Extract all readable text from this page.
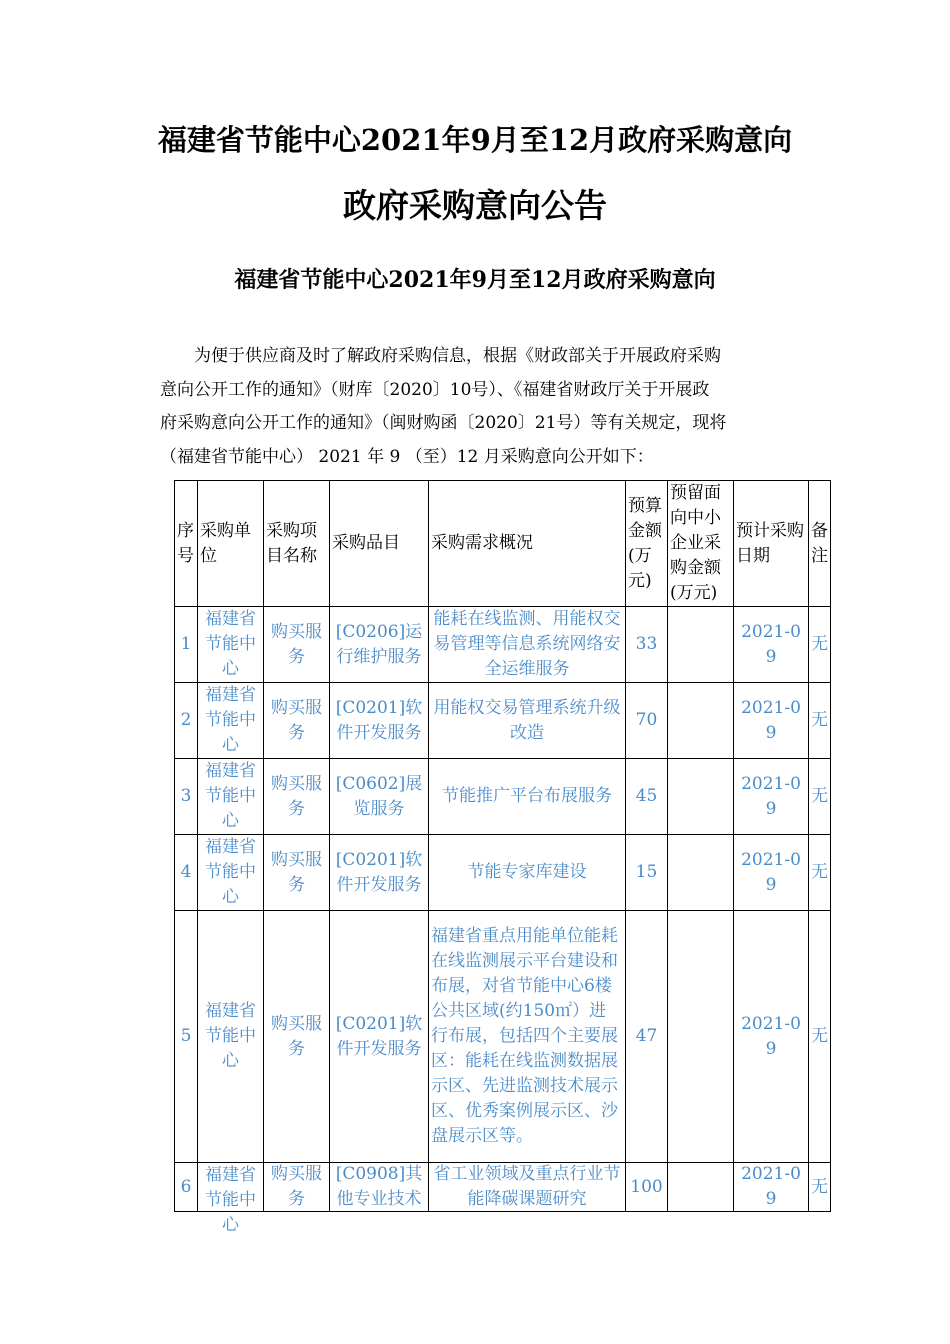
福建省节能中心2021年9月至12月政府采购意向
政府采购意向公告
福建省节能中心2021年9月至12月政府采购意向
为便于供应商及时了解政府采购信息，根据《财政部关于开展政府采购
意向公开工作的通知》（财库〔2020〕10号）、《福建省财政厅关于开展政
府采购意向公开工作的通知》（闽财购函〔2020〕21号）等有关规定，现将
（福建省节能中心） 2021 年 9 （至）12 月采购意向公开如下：
序号	采购单位	采购项目名称	采购品目	采购需求概况	预算金额(万元)	预留面向中小企业采购金额(万元)	预计采购日期	备注
1	福建省节能中心	购买服务	[C0206]运行维护服务	能耗在线监测、用能权交易管理等信息系统网络安全运维服务	33		2021-09	无
2	福建省节能中心	购买服务	[C0201]软件开发服务	用能权交易管理系统升级改造	70		2021-09	无
3	福建省节能中心	购买服务	[C0602]展览服务	节能推广平台布展服务	45		2021-09	无
4	福建省节能中心	购买服务	[C0201]软件开发服务	节能专家库建设	15		2021-09	无
5	福建省节能中心	购买服务	[C0201]软件开发服务	福建省重点用能单位能耗在线监测展示平台建设和布展，对省节能中心6楼公共区域(约150㎡）进行布展，包括四个主要展区：能耗在线监测数据展示区、先进监测技术展示区、优秀案例展示区、沙盘展示区等。	47		2021-09	无

6	福建省节能中心	购买服务	[C0908]其他专业技术	省工业领域及重点行业节能降碳课题研究	100		2021-09	无
